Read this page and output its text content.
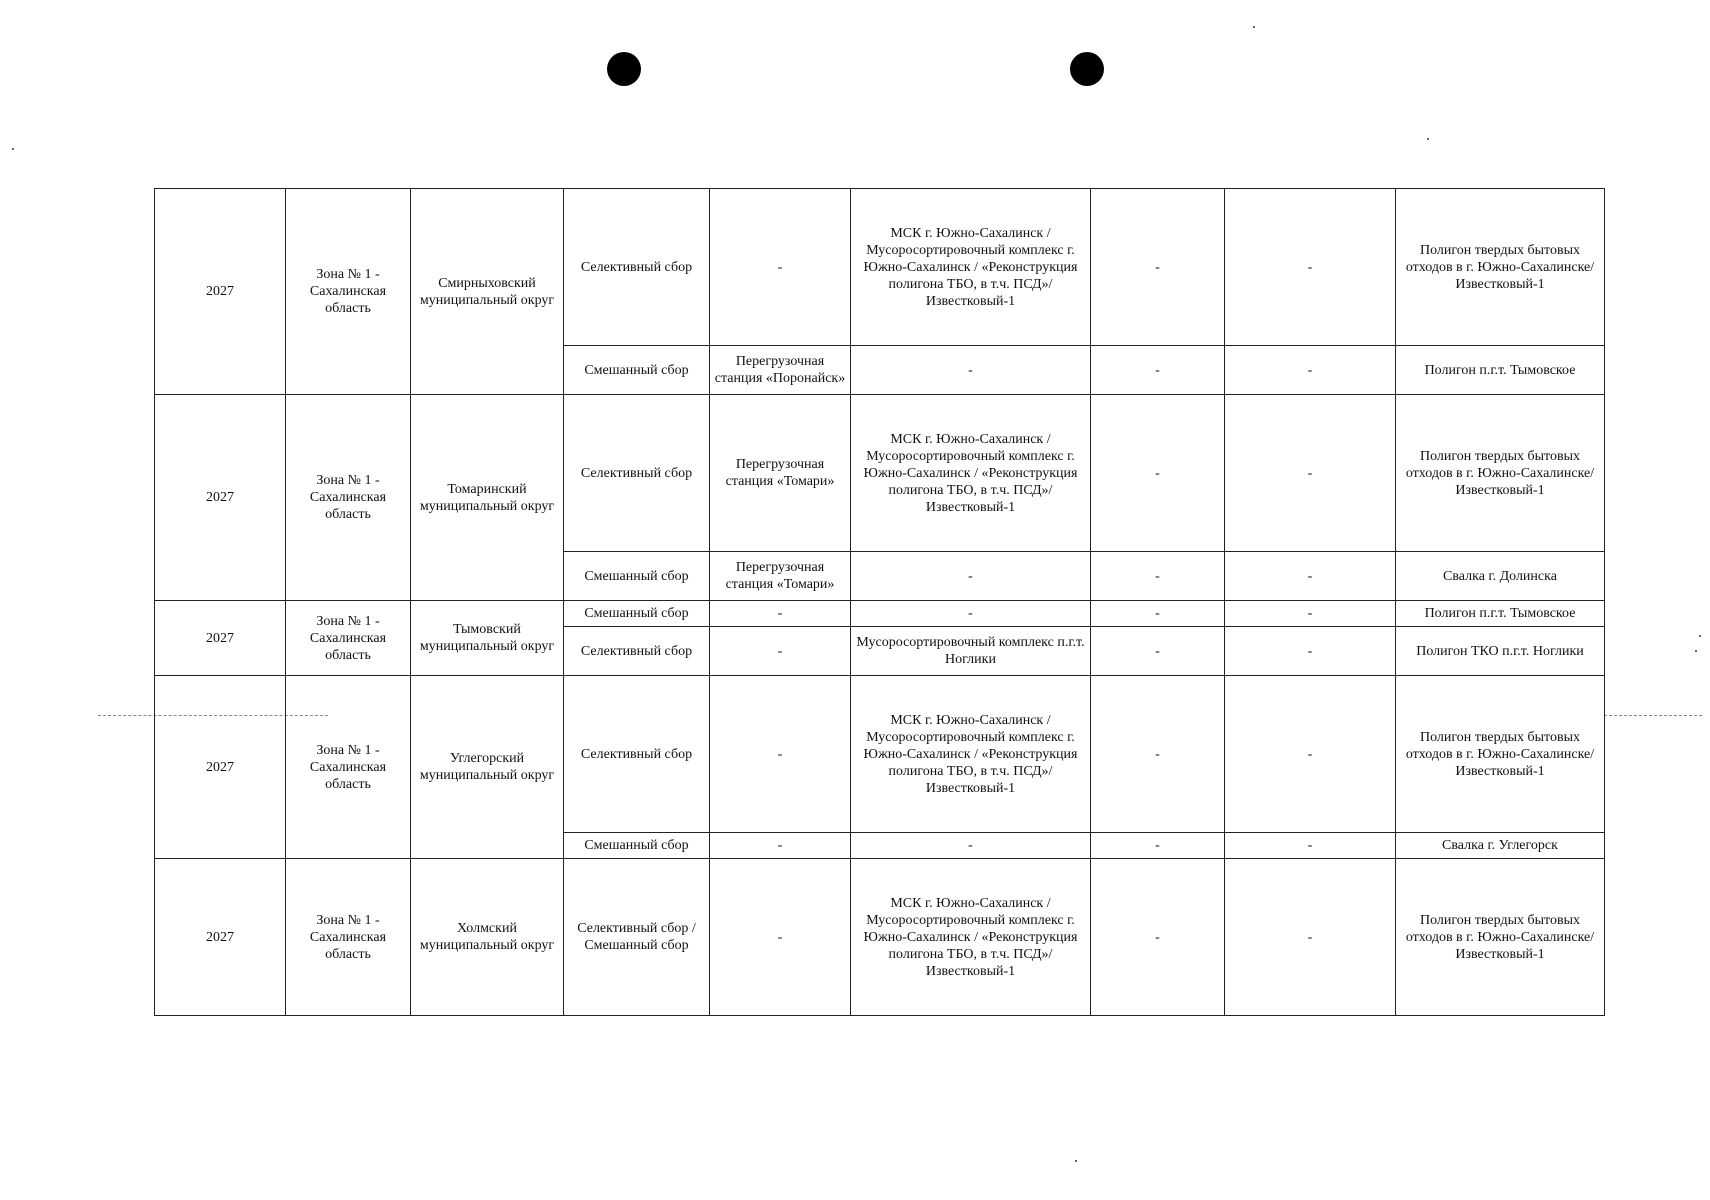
2027	Зона № 1 - Сахалинская область	Смирныховский муниципальный округ	Селективный сбор	-	МСК г. Южно-Сахалинск / Мусоросортировочный комплекс г. Южно-Сахалинск / «Реконструкция полигона ТБО, в т.ч. ПСД»/Известковый-1	-	-	Полигон твердых бытовых отходов в г. Южно-Сахалинске/Известковый-1
			Смешанный сбор	Перегрузочная станция «Поронайск»	-	-	-	Полигон п.г.т. Тымовское
2027	Зона № 1 - Сахалинская область	Томаринский муниципальный округ	Селективный сбор	Перегрузочная станция «Томари»	МСК г. Южно-Сахалинск / Мусоросортировочный комплекс г. Южно-Сахалинск / «Реконструкция полигона ТБО, в т.ч. ПСД»/Известковый-1	-	-	Полигон твердых бытовых отходов в г. Южно-Сахалинске/Известковый-1
			Смешанный сбор	Перегрузочная станция «Томари»	-	-	-	Свалка г. Долинска
2027	Зона № 1 - Сахалинская область	Тымовский муниципальный округ	Смешанный сбор	-	-	-	-	Полигон п.г.т. Тымовское
			Селективный сбор	-	Мусоросортировочный комплекс п.г.т. Ноглики	-	-	Полигон ТКО п.г.т. Ноглики
2027	Зона № 1 - Сахалинская область	Углегорский муниципальный округ	Селективный сбор	-	МСК г. Южно-Сахалинск / Мусоросортировочный комплекс г. Южно-Сахалинск / «Реконструкция полигона ТБО, в т.ч. ПСД»/Известковый-1	-	-	Полигон твердых бытовых отходов в г. Южно-Сахалинске/Известковый-1
			Смешанный сбор	-	-	-	-	Свалка г. Углегорск
2027	Зона № 1 - Сахалинская область	Холмский муниципальный округ	Селективный сбор / Смешанный сбор	-	МСК г. Южно-Сахалинск / Мусоросортировочный комплекс г. Южно-Сахалинск / «Реконструкция полигона ТБО, в т.ч. ПСД»/Известковый-1	-	-	Полигон твердых бытовых отходов в г. Южно-Сахалинске/Известковый-1
